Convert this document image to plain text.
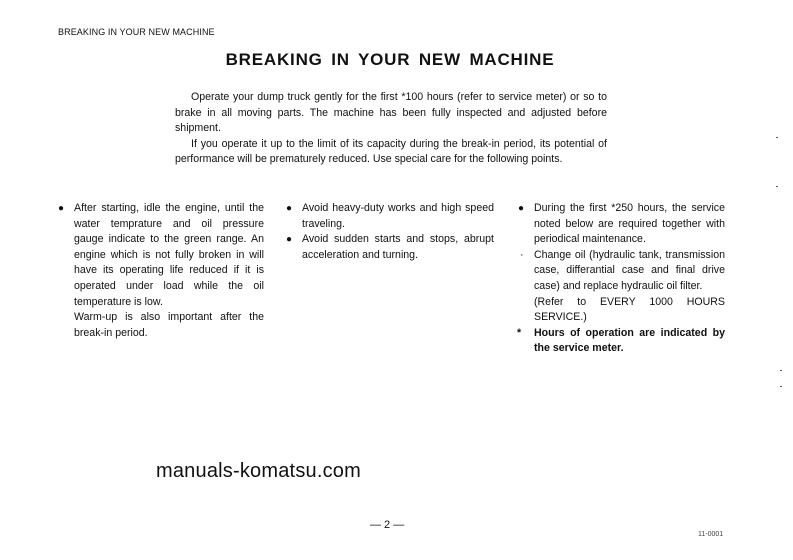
BREAKING IN YOUR NEW MACHINE
BREAKING IN YOUR NEW MACHINE

Operate your dump truck gently for the first *100 hours (refer to service meter) or so to brake in all moving parts. The machine has been fully inspected and adjusted before shipment.

If you operate it up to the limit of its capacity during the break-in period, its potential of performance will be prematurely reduced. Use special care for the following points.

● After starting, idle the engine, until the water temprature and oil pressure gauge indicate to the green range. An engine which is not fully broken in will have its operating life reduced if it is operated under load while the oil temperature is low.
Warm-up is also important after the break-in period.
● Avoid heavy-duty works and high speed traveling.
● Avoid sudden starts and stops, abrupt acceleration and turning.
● During the first *250 hours, the service noted below are required together with periodical maintenance.
· Change oil (hydraulic tank, transmission case, differantial case and final drive case) and replace hydraulic oil filter.
(Refer to EVERY 1000 HOURS SERVICE.)
* Hours of operation are indicated by the service meter.
manuals-komatsu.com
— 2 —
11-0001
